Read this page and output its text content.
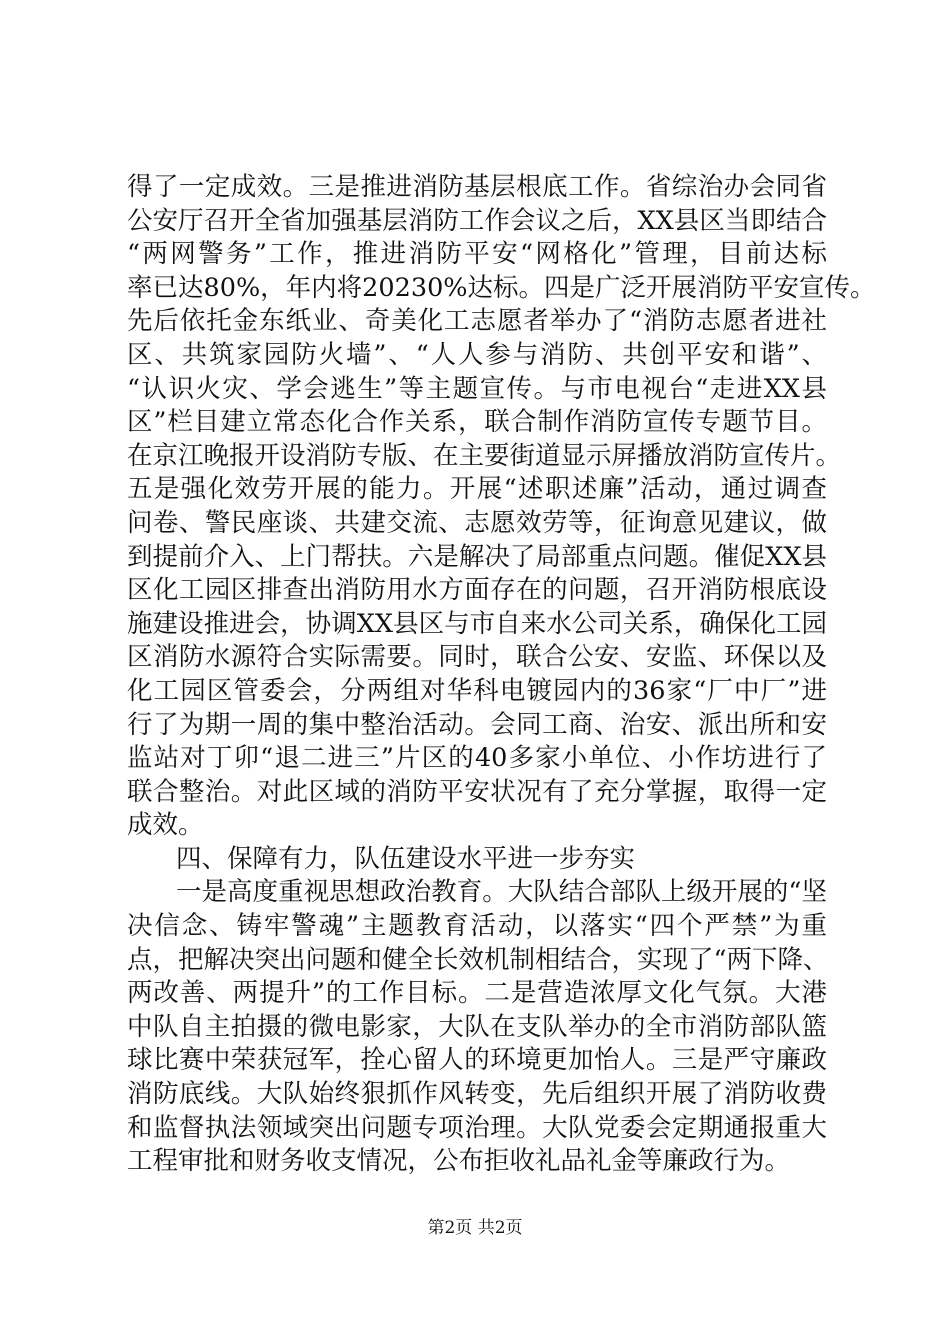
得了一定成效。三是推进消防基层根底工作。省综治办会同省
公安厅召开全省加强基层消防工作会议之后，XX县区当即结合
“两网警务”工作，推进消防平安“网格化”管理，目前达标
率已达80%，年内将20230%达标。四是广泛开展消防平安宣传。
先后依托金东纸业、奇美化工志愿者举办了“消防志愿者进社
区、共筑家园防火墙”、“人人参与消防、共创平安和谐”、
“认识火灾、学会逃生”等主题宣传。与市电视台“走进XX县
区”栏目建立常态化合作关系，联合制作消防宣传专题节目。
在京江晚报开设消防专版、在主要街道显示屏播放消防宣传片。
五是强化效劳开展的能力。开展“述职述廉”活动，通过调查
问卷、警民座谈、共建交流、志愿效劳等，征询意见建议，做
到提前介入、上门帮扶。六是解决了局部重点问题。催促XX县
区化工园区排查出消防用水方面存在的问题，召开消防根底设
施建设推进会，协调XX县区与市自来水公司关系，确保化工园
区消防水源符合实际需要。同时，联合公安、安监、环保以及
化工园区管委会，分两组对华科电镀园内的36家“厂中厂”进
行了为期一周的集中整治活动。会同工商、治安、派出所和安
监站对丁卯“退二进三”片区的40多家小单位、小作坊进行了
联合整治。对此区域的消防平安状况有了充分掌握，取得一定
成效。
四、保障有力，队伍建设水平进一步夯实
一是高度重视思想政治教育。大队结合部队上级开展的“坚
决信念、铸牢警魂”主题教育活动，以落实“四个严禁”为重
点，把解决突出问题和健全长效机制相结合，实现了“两下降、
两改善、两提升”的工作目标。二是营造浓厚文化气氛。大港
中队自主拍摄的微电影家，大队在支队举办的全市消防部队篮
球比赛中荣获冠军，拴心留人的环境更加怡人。三是严守廉政
消防底线。大队始终狠抓作风转变，先后组织开展了消防收费
和监督执法领域突出问题专项治理。大队党委会定期通报重大
工程审批和财务收支情况，公布拒收礼品礼金等廉政行为。
第2页 共2页
